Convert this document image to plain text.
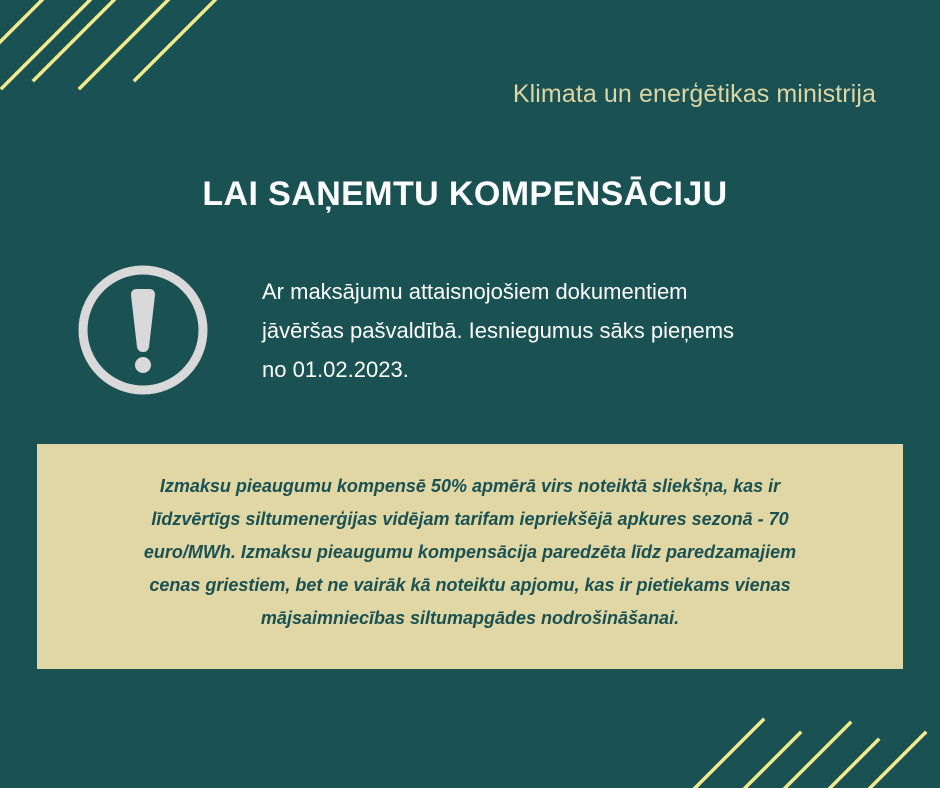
Klimata un enerģētikas ministrija
LAI SAŅEMTU KOMPENSĀCIJU
Ar maksājumu attaisnojošiem dokumentiem
jāvēršas pašvaldībā. Iesniegumus sāks pieņems
no 01.02.2023.
Izmaksu pieaugumu kompensē 50% apmērā virs noteiktā sliekšņa, kas ir
līdzvērtīgs siltumenerģijas vidējam tarifam iepriekšējā apkures sezonā - 70
euro/MWh. Izmaksu pieaugumu kompensācija paredzēta līdz paredzamajiem
cenas griestiem, bet ne vairāk kā noteiktu apjomu, kas ir pietiekams vienas
mājsaimniecības siltumapgādes nodrošināšanai.
